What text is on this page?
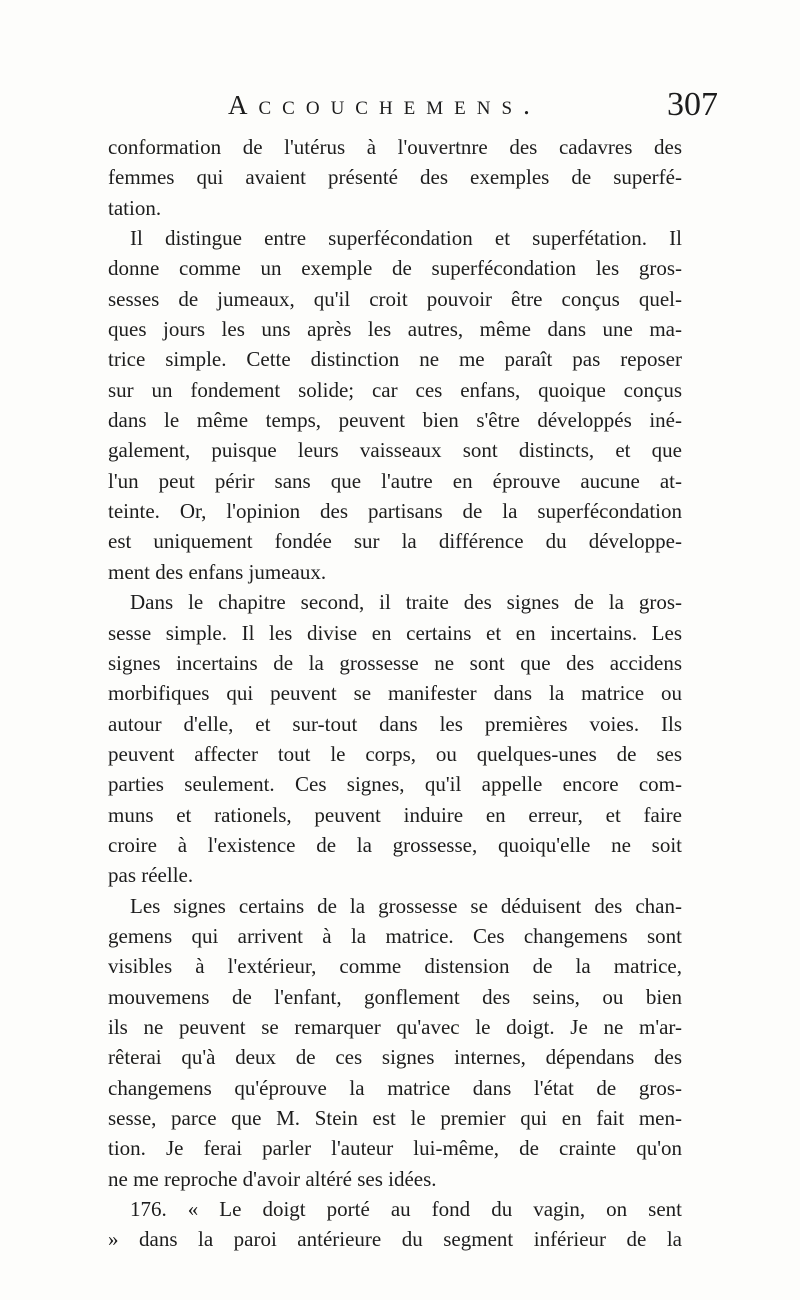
Accouchemens.	307
conformation de l'utérus à l'ouvertnre des cadavres des
femmes qui avaient présenté des exemples de superfé-
tation.
Il distingue entre superfécondation et superfétation. Il
donne comme un exemple de superfécondation les gros-
sesses de jumeaux, qu'il croit pouvoir être conçus quel-
ques jours les uns après les autres, même dans une ma-
trice simple. Cette distinction ne me paraît pas reposer
sur un fondement solide; car ces enfans, quoique conçus
dans le même temps, peuvent bien s'être développés iné-
galement, puisque leurs vaisseaux sont distincts, et que
l'un peut périr sans que l'autre en éprouve aucune at-
teinte. Or, l'opinion des partisans de la superfécondation
est uniquement fondée sur la différence du développe-
ment des enfans jumeaux.
Dans le chapitre second, il traite des signes de la gros-
sesse simple. Il les divise en certains et en incertains. Les
signes incertains de la grossesse ne sont que des accidens
morbifiques qui peuvent se manifester dans la matrice ou
autour d'elle, et sur-tout dans les premières voies. Ils
peuvent affecter tout le corps, ou quelques-unes de ses
parties seulement. Ces signes, qu'il appelle encore com-
muns et rationels, peuvent induire en erreur, et faire
croire à l'existence de la grossesse, quoiqu'elle ne soit
pas réelle.
Les signes certains de la grossesse se déduisent des chan-
gemens qui arrivent à la matrice. Ces changemens sont
visibles à l'extérieur, comme distension de la matrice,
mouvemens de l'enfant, gonflement des seins, ou bien
ils ne peuvent se remarquer qu'avec le doigt. Je ne m'ar-
rêterai qu'à deux de ces signes internes, dépendans des
changemens qu'éprouve la matrice dans l'état de gros-
sesse, parce que M. Stein est le premier qui en fait men-
tion. Je ferai parler l'auteur lui-même, de crainte qu'on
ne me reproche d'avoir altéré ses idées.
176. « Le doigt porté au fond du vagin, on sent
» dans la paroi antérieure du segment inférieur de la
